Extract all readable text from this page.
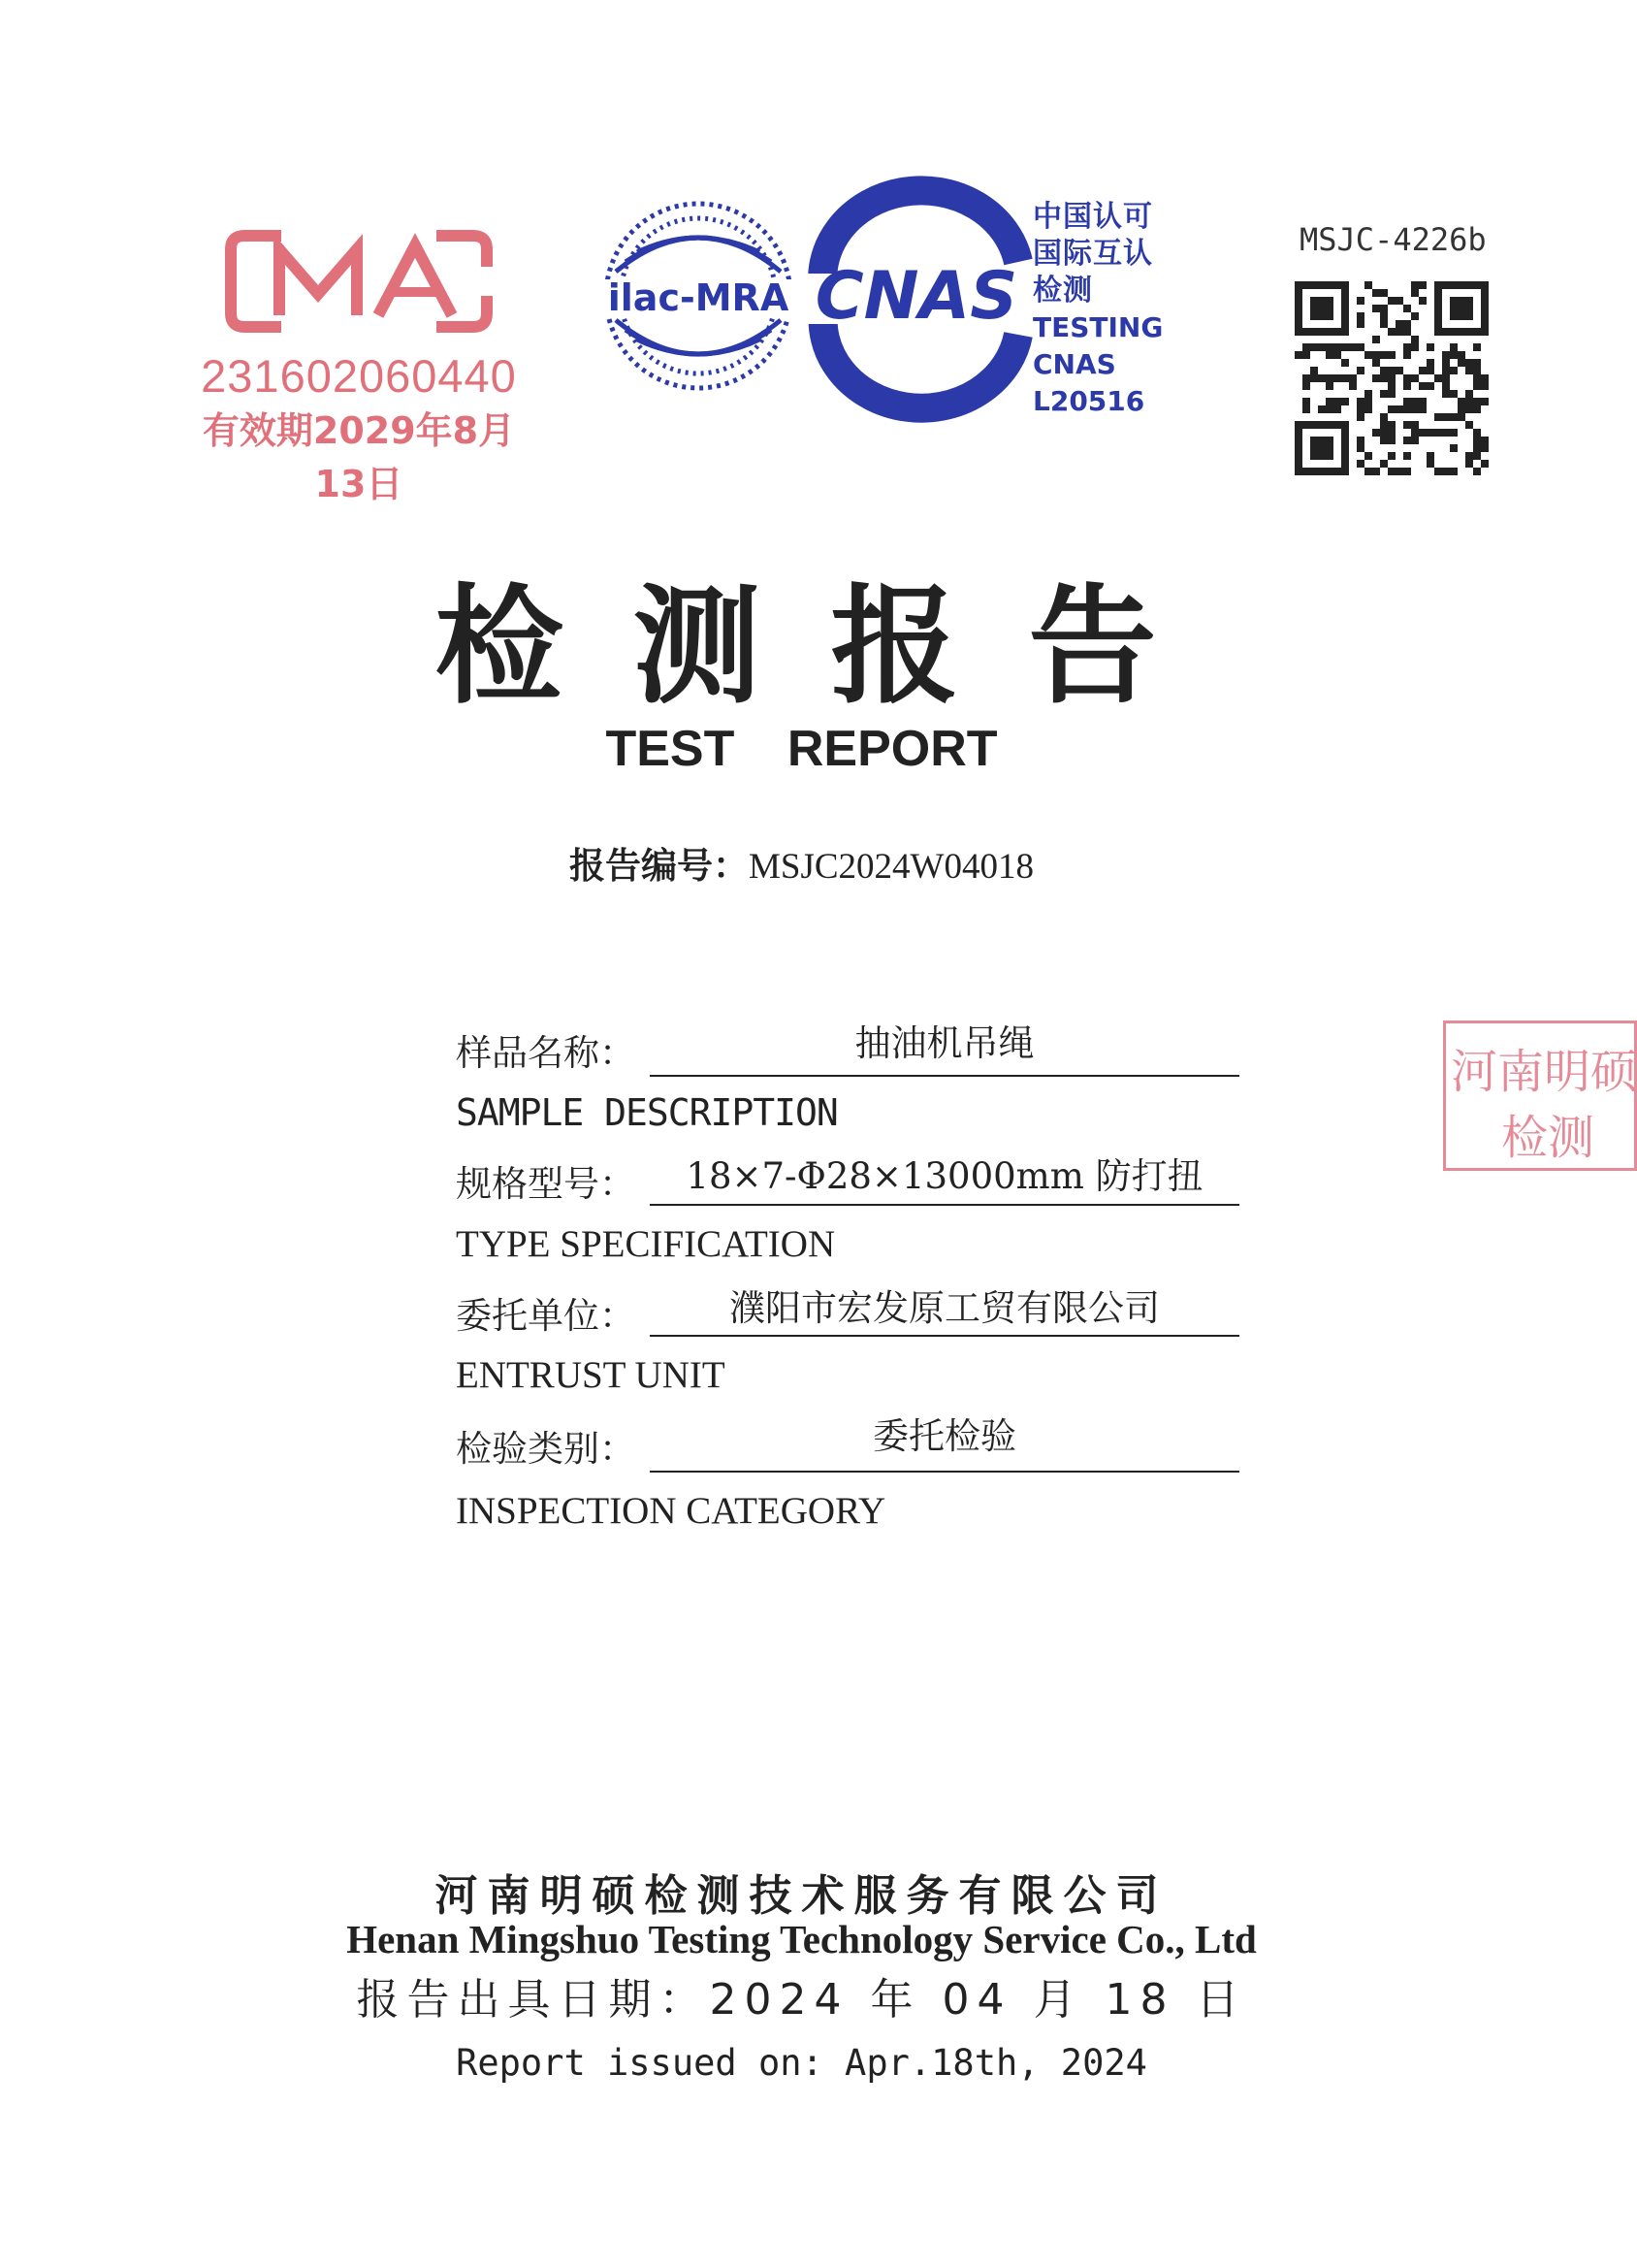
231602060440
有效期2029年8月13日
ilac-MRA CNAS
中国认可
国际互认
检测
TESTING
CNAS L20516
MSJC-4226b
检测报告
TEST REPORT
报告编号：MSJC2024W04018
样品名称：	抽油机吊绳
SAMPLE DESCRIPTION
规格型号：	18×7-Φ28×13000mm 防打扭
TYPE SPECIFICATION
委托单位：	濮阳市宏发原工贸有限公司
ENTRUST UNIT
检验类别：	委托检验
INSPECTION CATEGORY
河南明硕
检测
河南明硕检测技术服务有限公司
Henan Mingshuo Testing Technology Service Co., Ltd
报告出具日期：2024 年 04 月 18 日
Report issued on: Apr.18th, 2024
